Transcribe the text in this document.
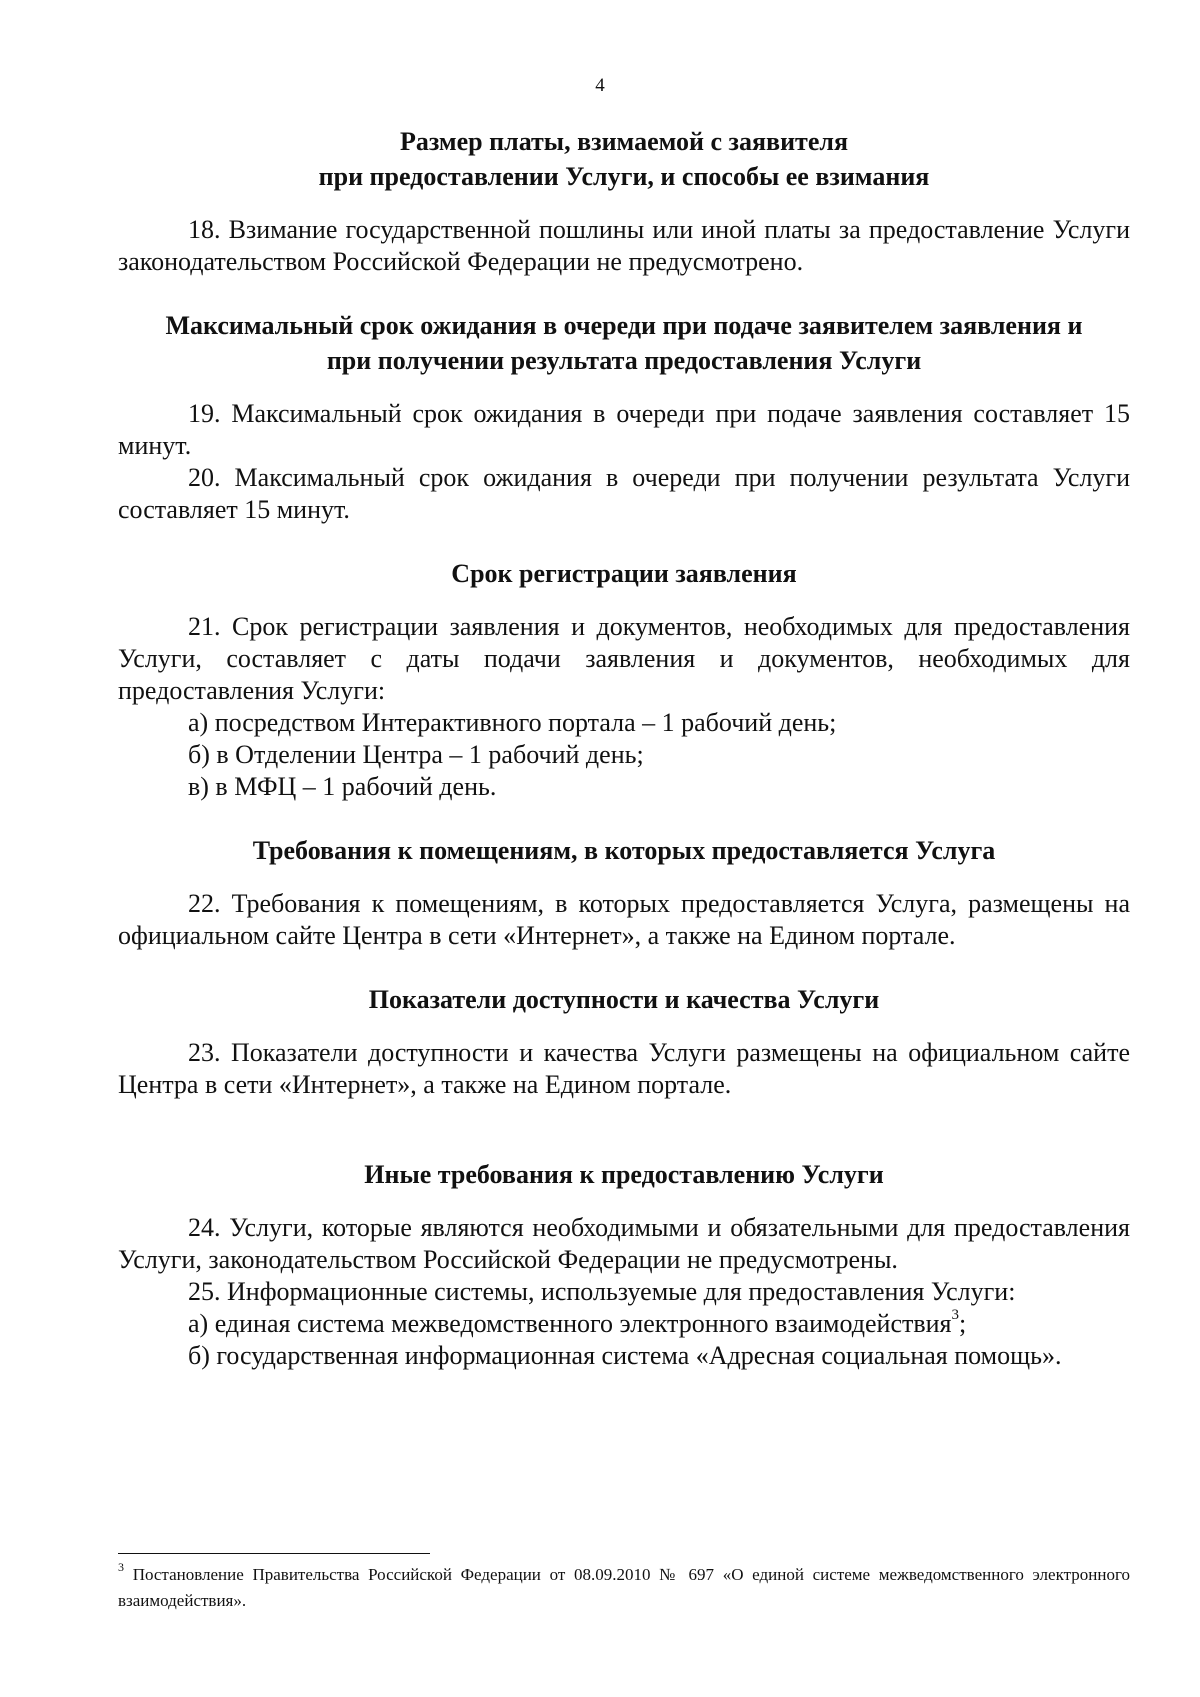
4
Размер платы, взимаемой с заявителя
при предоставлении Услуги, и способы ее взимания

18. Взимание государственной пошлины или иной платы за предоставление Услуги законодательством Российской Федерации не предусмотрено.

Максимальный срок ожидания в очереди при подаче заявителем заявления и
при получении результата предоставления Услуги

19. Максимальный срок ожидания в очереди при подаче заявления составляет 15 минут.

20. Максимальный срок ожидания в очереди при получении результата Услуги составляет 15 минут.

Срок регистрации заявления

21. Срок регистрации заявления и документов, необходимых для предоставления Услуги, составляет с даты подачи заявления и документов, необходимых для предоставления Услуги:

а) посредством Интерактивного портала – 1 рабочий день;

б) в Отделении Центра – 1 рабочий день;

в) в МФЦ – 1 рабочий день.

Требования к помещениям, в которых предоставляется Услуга

22. Требования к помещениям, в которых предоставляется Услуга, размещены на официальном сайте Центра в сети «Интернет», а также на Едином портале.

Показатели доступности и качества Услуги

23. Показатели доступности и качества Услуги размещены на официальном сайте Центра в сети «Интернет», а также на Едином портале.

Иные требования к предоставлению Услуги

24. Услуги, которые являются необходимыми и обязательными для предоставления Услуги, законодательством Российской Федерации не предусмотрены.

25. Информационные системы, используемые для предоставления Услуги:

а) единая система межведомственного электронного взаимодействия$^3$;

б) государственная информационная система «Адресная социальная помощь».

$^3$ Постановление Правительства Российской Федерации от 08.09.2010 № 697 «О единой системе межведомственного электронного взаимодействия».
